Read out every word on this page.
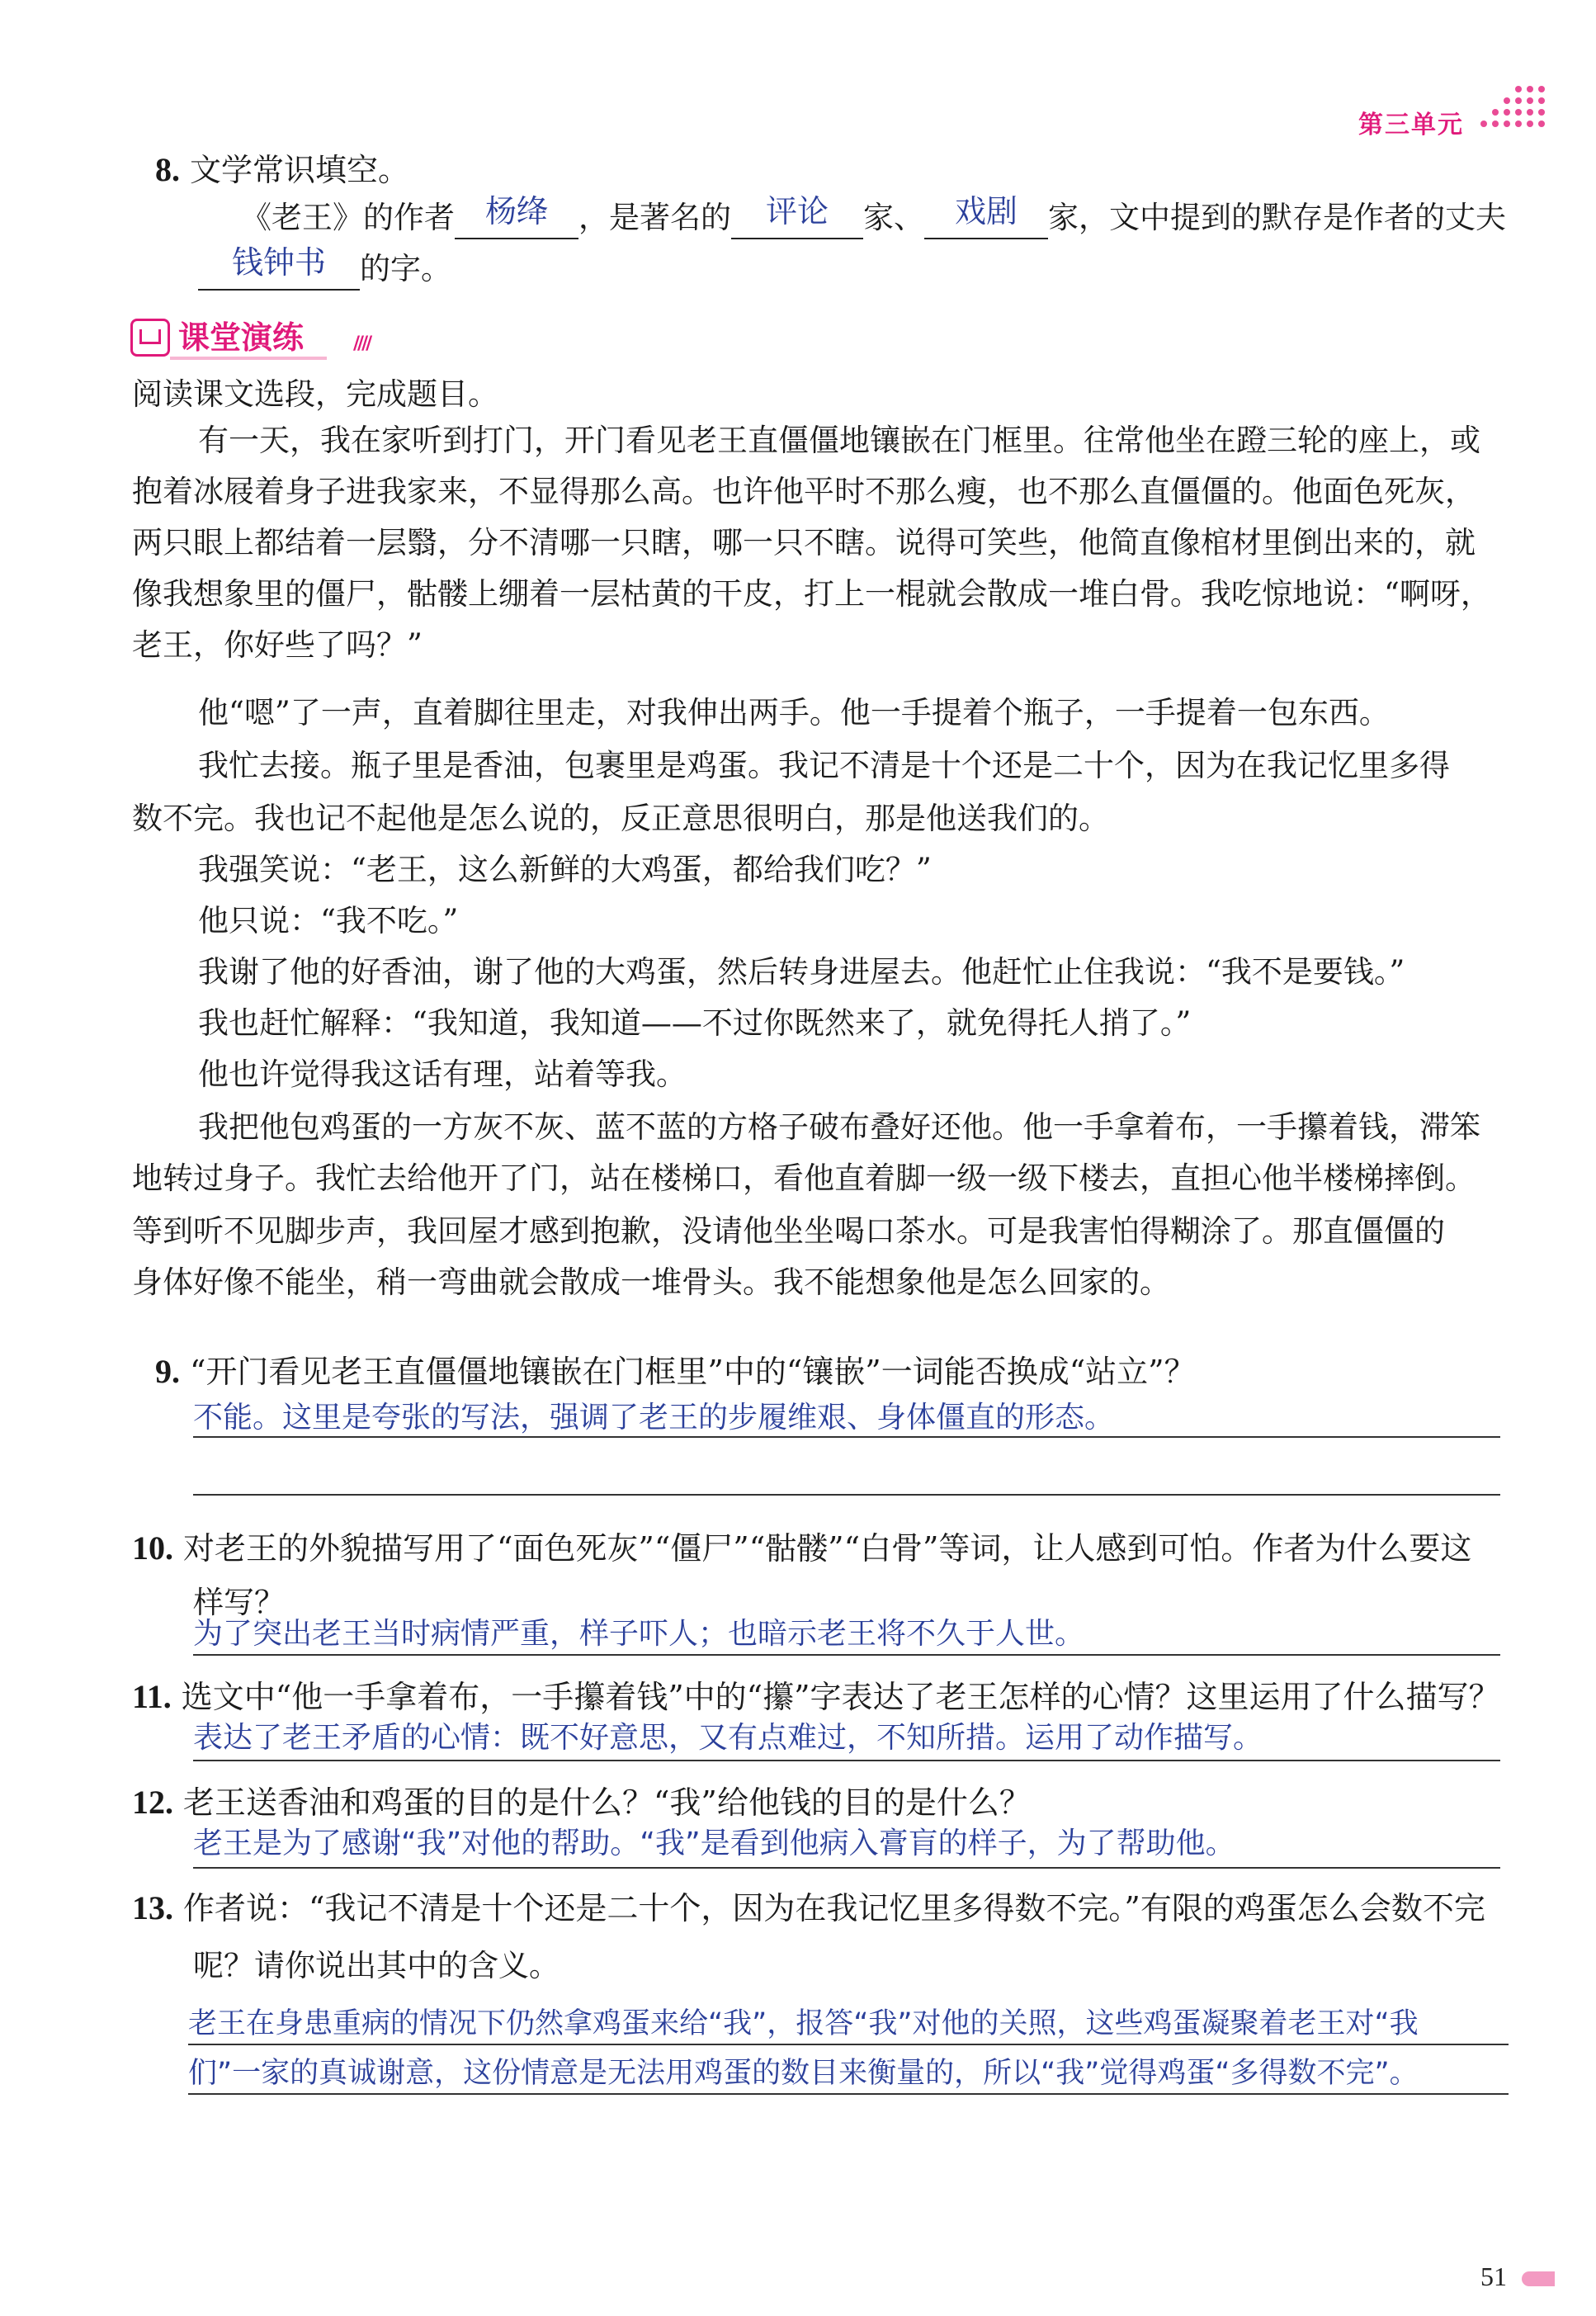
第三单元
8. 文学常识填空。
《老王》的作者 杨绛	，是著名的	评论	家、 戏剧	家，文中提到的默存是作者的丈夫
钱钟书	的字。
课堂演练	////
阅读课文选段，完成题目。
有一天，我在家听到打门，开门看见老王直僵僵地镶嵌在门框里。往常他坐在蹬三轮的座上，或
抱着冰屐着身子进我家来，不显得那么高。也许他平时不那么瘦，也不那么直僵僵的。他面色死灰，
两只眼上都结着一层翳，分不清哪一只瞎，哪一只不瞎。说得可笑些，他简直像棺材里倒出来的，就
像我想象里的僵尸，骷髅上绷着一层枯黄的干皮，打上一棍就会散成一堆白骨。我吃惊地说：“啊呀，
老王，你好些了吗？”
他“嗯”了一声，直着脚往里走，对我伸出两手。他一手提着个瓶子，一手提着一包东西。
我忙去接。瓶子里是香油，包裹里是鸡蛋。我记不清是十个还是二十个，因为在我记忆里多得
数不完。我也记不起他是怎么说的，反正意思很明白，那是他送我们的。
我强笑说：“老王，这么新鲜的大鸡蛋，都给我们吃？”
他只说：“我不吃。”
我谢了他的好香油，谢了他的大鸡蛋，然后转身进屋去。他赶忙止住我说：“我不是要钱。”
我也赶忙解释：“我知道，我知道——不过你既然来了，就免得托人捎了。”
他也许觉得我这话有理，站着等我。
我把他包鸡蛋的一方灰不灰、蓝不蓝的方格子破布叠好还他。他一手拿着布，一手攥着钱，滞笨
地转过身子。我忙去给他开了门，站在楼梯口，看他直着脚一级一级下楼去，直担心他半楼梯摔倒。
等到听不见脚步声，我回屋才感到抱歉，没请他坐坐喝口茶水。可是我害怕得糊涂了。那直僵僵的
身体好像不能坐，稍一弯曲就会散成一堆骨头。我不能想象他是怎么回家的。
9. “开门看见老王直僵僵地镶嵌在门框里”中的“镶嵌”一词能否换成“站立”？
不能。这里是夸张的写法，强调了老王的步履维艰、身体僵直的形态。
10. 对老王的外貌描写用了“面色死灰”“僵尸”“骷髅”“白骨”等词，让人感到可怕。作者为什么要这
样写？
为了突出老王当时病情严重，样子吓人；也暗示老王将不久于人世。
11. 选文中“他一手拿着布，一手攥着钱”中的“攥”字表达了老王怎样的心情？这里运用了什么描写？
表达了老王矛盾的心情：既不好意思，又有点难过，不知所措。运用了动作描写。
12. 老王送香油和鸡蛋的目的是什么？“我”给他钱的目的是什么？
老王是为了感谢“我”对他的帮助。“我”是看到他病入膏肓的样子，为了帮助他。
13. 作者说：“我记不清是十个还是二十个，因为在我记忆里多得数不完。”有限的鸡蛋怎么会数不完
呢？请你说出其中的含义。
老王在身患重病的情况下仍然拿鸡蛋来给“我”，报答“我”对他的关照，这些鸡蛋凝聚着老王对“我
们”一家的真诚谢意，这份情意是无法用鸡蛋的数目来衡量的，所以“我”觉得鸡蛋“多得数不完”。
51
